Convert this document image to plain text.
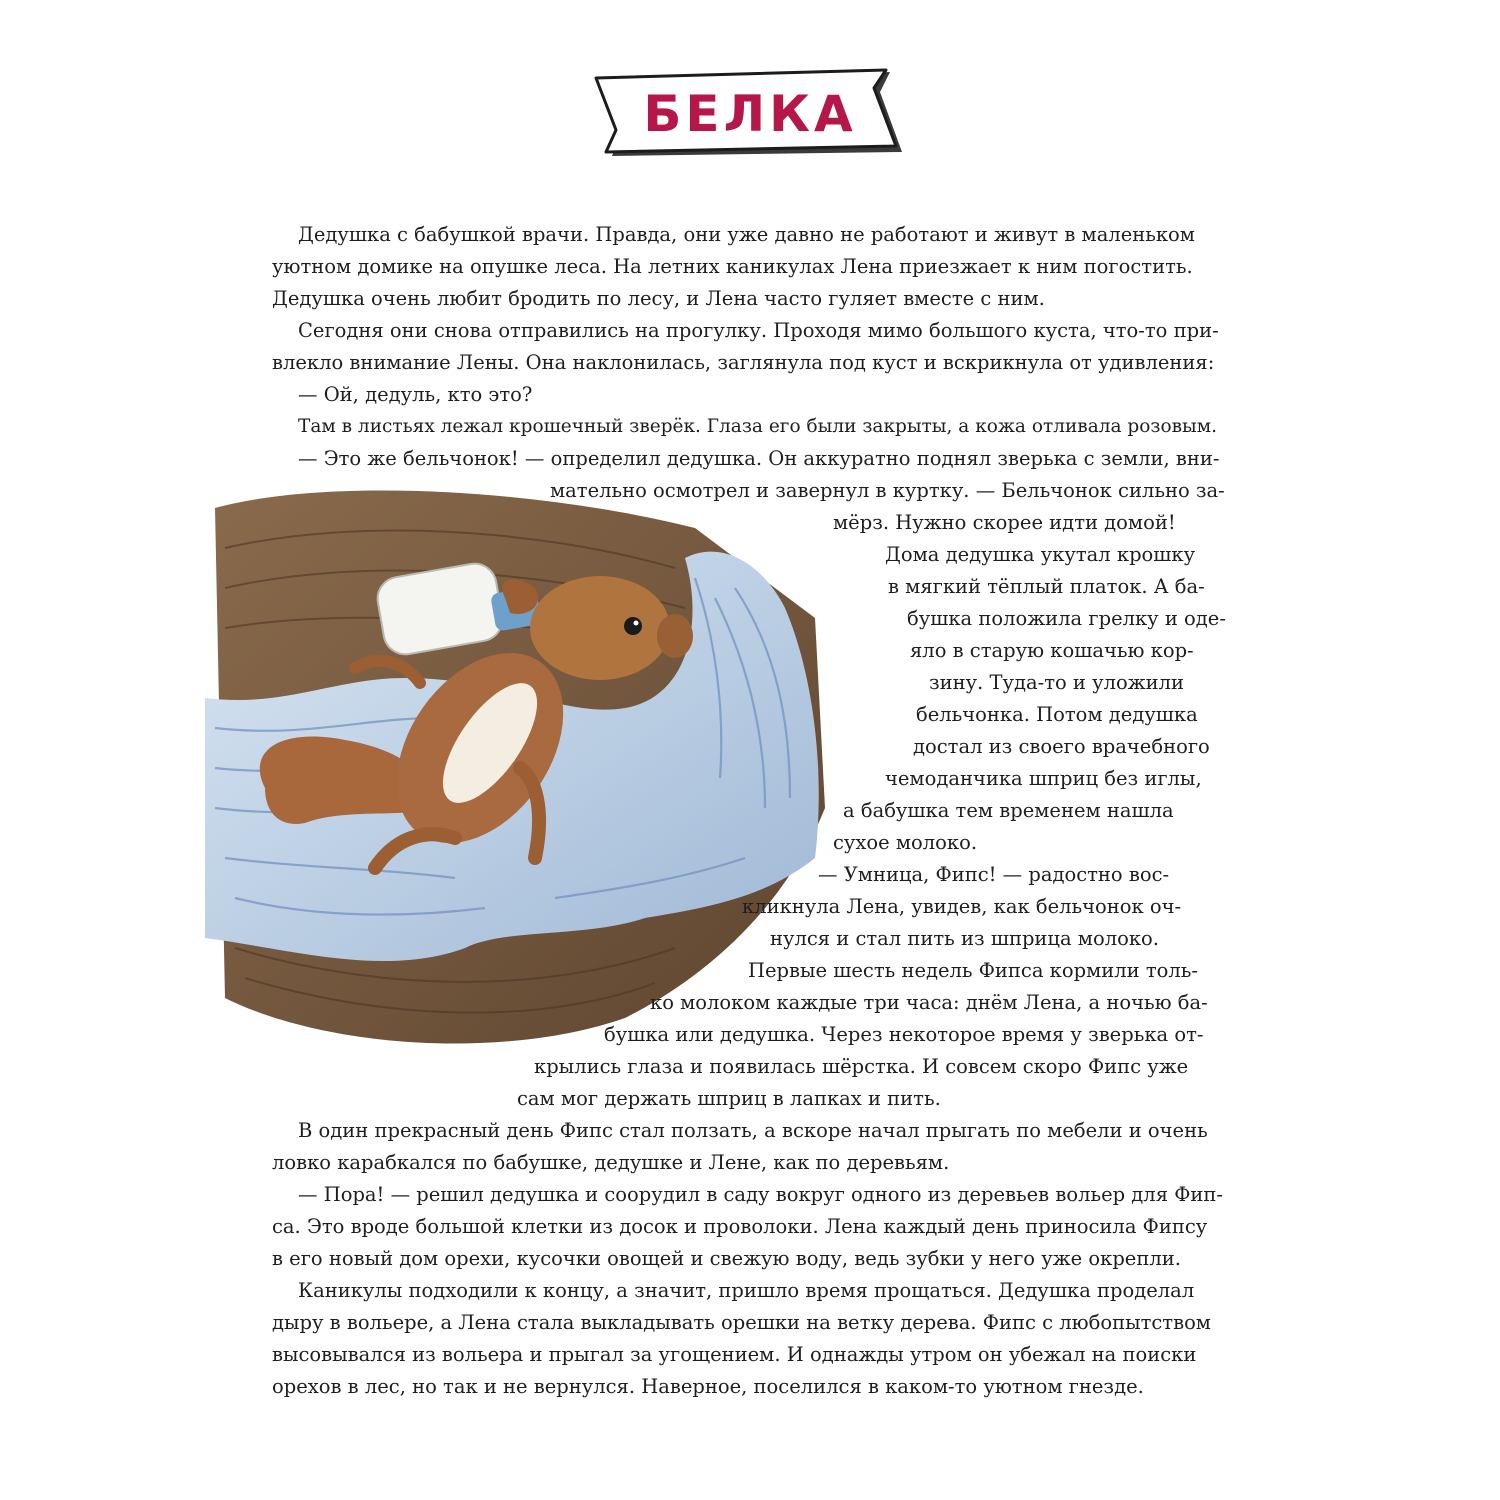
БЕЛКА
Дедушка с бабушкой врачи. Правда, они уже давно не работают и живут в маленьком
уютном домике на опушке леса. На летних каникулах Лена приезжает к ним погостить.
Дедушка очень любит бродить по лесу, и Лена часто гуляет вместе с ним.
Сегодня они снова отправились на прогулку. Проходя мимо большого куста, что-то при-
влекло внимание Лены. Она наклонилась, заглянула под куст и вскрикнула от удивления:
— Ой, дедуль, кто это?
Там в листьях лежал крошечный зверёк. Глаза его были закрыты, а кожа отливала розовым.
— Это же бельчонок! — определил дедушка. Он аккуратно поднял зверька с земли, вни-
мательно осмотрел и завернул в куртку. — Бельчонок сильно за-
мёрз. Нужно скорее идти домой!
Дома дедушка укутал крошку
в мягкий тёплый платок. А ба-
бушка положила грелку и оде-
яло в старую кошачью кор-
зину. Туда-то и уложили
бельчонка. Потом дедушка
достал из своего врачебного
чемоданчика шприц без иглы,
а бабушка тем временем нашла
сухое молоко.
— Умница, Фипс! — радостно вос-
кликнула Лена, увидев, как бельчонок оч-
нулся и стал пить из шприца молоко.
Первые шесть недель Фипса кормили толь-
ко молоком каждые три часа: днём Лена, а ночью ба-
бушка или дедушка. Через некоторое время у зверька от-
крылись глаза и появилась шёрстка. И совсем скоро Фипс уже
сам мог держать шприц в лапках и пить.
В один прекрасный день Фипс стал ползать, а вскоре начал прыгать по мебели и очень
ловко карабкался по бабушке, дедушке и Лене, как по деревьям.
— Пора! — решил дедушка и соорудил в саду вокруг одного из деревьев вольер для Фип-
са. Это вроде большой клетки из досок и проволоки. Лена каждый день приносила Фипсу
в его новый дом орехи, кусочки овощей и свежую воду, ведь зубки у него уже окрепли.
Каникулы подходили к концу, а значит, пришло время прощаться. Дедушка проделал
дыру в вольере, а Лена стала выкладывать орешки на ветку дерева. Фипс с любопытством
высовывался из вольера и прыгал за угощением. И однажды утром он убежал на поиски
орехов в лес, но так и не вернулся. Наверное, поселился в каком-то уютном гнезде.
